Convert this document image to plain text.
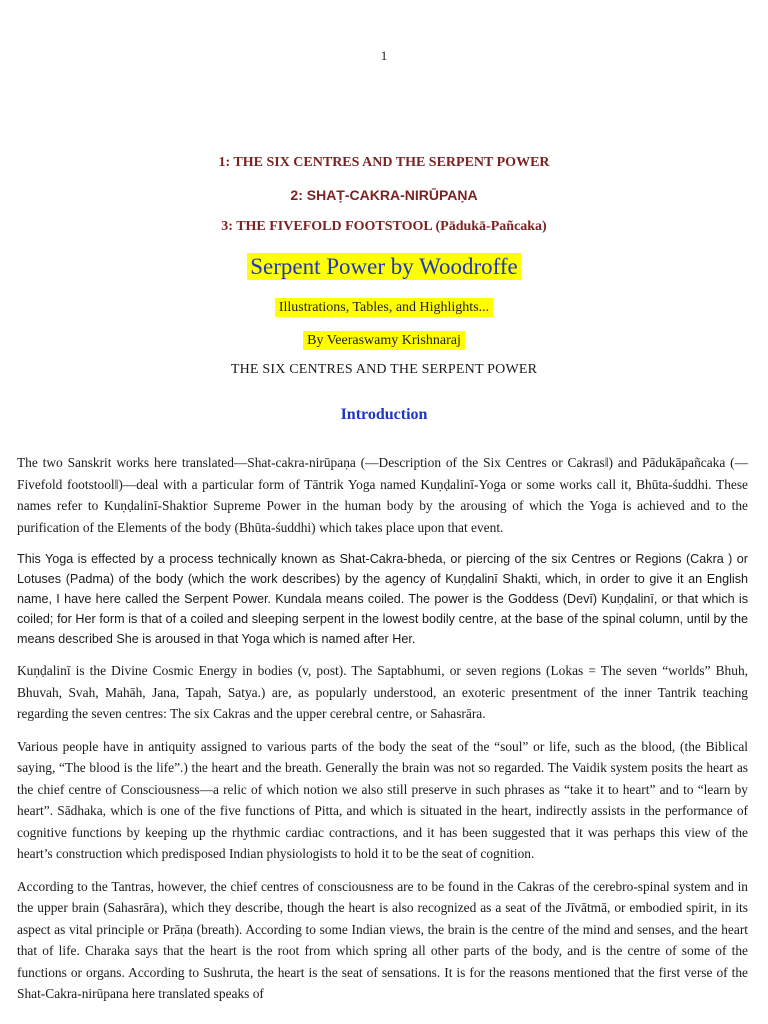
1
1: THE SIX CENTRES AND THE SERPENT POWER
2: SHAṬ-CAKRA-NIRŪPAṆA
3: THE FIVEFOLD FOOTSTOOL (Pādukā-Pañcaka)
Serpent Power by Woodroffe
Illustrations, Tables, and Highlights...
By Veeraswamy Krishnaraj
THE SIX CENTRES AND THE SERPENT POWER
Introduction

The two Sanskrit works here translated—Shat-cakra-nirūpaṇa (—Description of the Six Centres or Cakras‖) and Pādukāpañcaka (—Fivefold footstool‖)—deal with a particular form of Tāntrik Yoga named Kuṇḍalinī-Yoga or some works call it, Bhūta-śuddhi. These names refer to Kuṇḍalinī-Shaktior Supreme Power in the human body by the arousing of which the Yoga is achieved and to the purification of the Elements of the body (Bhūta-śuddhi) which takes place upon that event.

This Yoga is effected by a process technically known as Shat-Cakra-bheda, or piercing of the six Centres or Regions (Cakra ) or Lotuses (Padma) of the body (which the work describes) by the agency of Kuṇḍalinī Shakti, which, in order to give it an English name, I have here called the Serpent Power. Kundala means coiled. The power is the Goddess (Devī) Kuṇḍalinī, or that which is coiled; for Her form is that of a coiled and sleeping serpent in the lowest bodily centre, at the base of the spinal column, until by the means described She is aroused in that Yoga which is named after Her.

Kuṇḍalinī is the Divine Cosmic Energy in bodies (v, post). The Saptabhumi, or seven regions (Lokas = The seven “worlds” Bhuh, Bhuvah, Svah, Mahāh, Jana, Tapah, Satya.) are, as popularly understood, an exoteric presentment of the inner Tantrik teaching regarding the seven centres: The six Cakras and the upper cerebral centre, or Sahasrāra.

Various people have in antiquity assigned to various parts of the body the seat of the “soul” or life, such as the blood, (the Biblical saying, “The blood is the life”.) the heart and the breath. Generally the brain was not so regarded. The Vaidik system posits the heart as the chief centre of Consciousness—a relic of which notion we also still preserve in such phrases as “take it to heart” and to “learn by heart”. Sādhaka, which is one of the five functions of Pitta, and which is situated in the heart, indirectly assists in the performance of cognitive functions by keeping up the rhythmic cardiac contractions, and it has been suggested that it was perhaps this view of the heart’s construction which predisposed Indian physiologists to hold it to be the seat of cognition.

According to the Tantras, however, the chief centres of consciousness are to be found in the Cakras of the cerebro-spinal system and in the upper brain (Sahasrāra), which they describe, though the heart is also recognized as a seat of the Jīvātmā, or embodied spirit, in its aspect as vital principle or Prāṇa (breath). According to some Indian views, the brain is the centre of the mind and senses, and the heart that of life. Charaka says that the heart is the root from which spring all other parts of the body, and is the centre of some of the functions or organs. According to Sushruta, the heart is the seat of sensations. It is for the reasons mentioned that the first verse of the Shat-Cakra-nirūpana here translated speaks of
